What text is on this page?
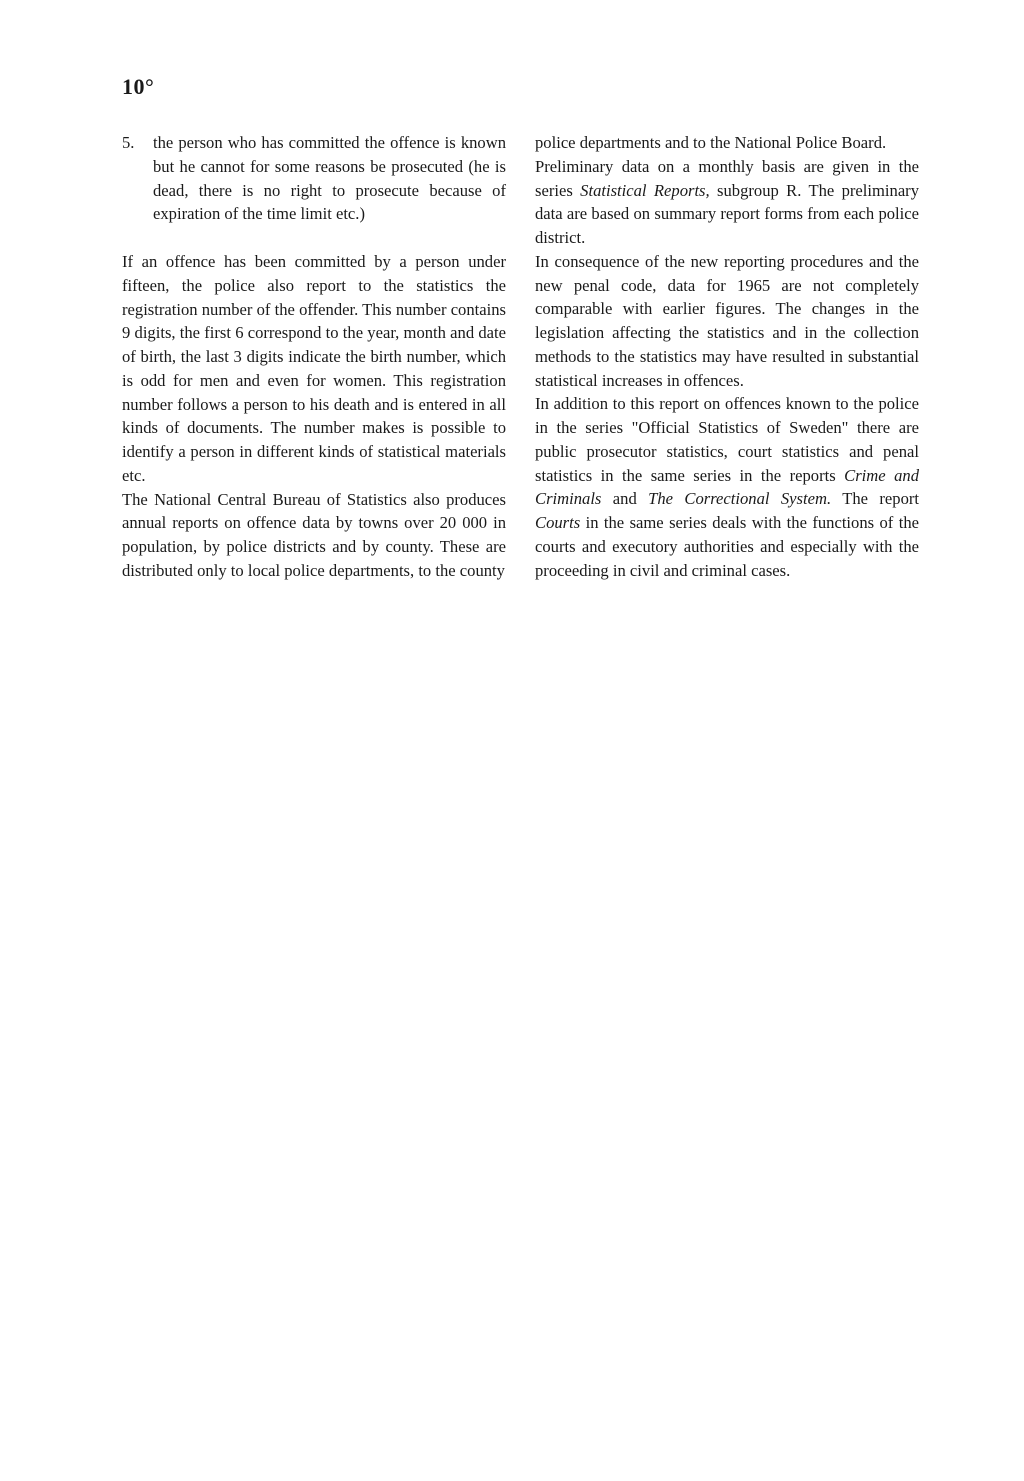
10°
5.	the person who has committed the offence is known but he cannot for some reasons be prosecuted (he is dead, there is no right to prosecute because of expiration of the time limit etc.)

If an offence has been committed by a person under fifteen, the police also report to the statistics the registration number of the offender. This number contains 9 digits, the first 6 correspond to the year, month and date of birth, the last 3 digits indicate the birth number, which is odd for men and even for women. This registration number follows a person to his death and is entered in all kinds of documents. The number makes is possible to identify a person in different kinds of statistical materials etc.

The National Central Bureau of Statistics also produces annual reports on offence data by towns over 20 000 in population, by police districts and by county. These are distributed only to local police departments, to the county

police departments and to the National Police Board.

Preliminary data on a monthly basis are given in the series Statistical Reports, subgroup R. The preliminary data are based on summary report forms from each police district.

In consequence of the new reporting procedures and the new penal code, data for 1965 are not completely comparable with earlier figures. The changes in the legislation affecting the statistics and in the collection methods to the statistics may have resulted in substantial statistical increases in offences.

In addition to this report on offences known to the police in the series "Official Statistics of Sweden" there are public prosecutor statistics, court statistics and penal statistics in the same series in the reports Crime and Criminals and The Correctional System. The report Courts in the same series deals with the functions of the courts and executory authorities and especially with the proceeding in civil and criminal cases.
